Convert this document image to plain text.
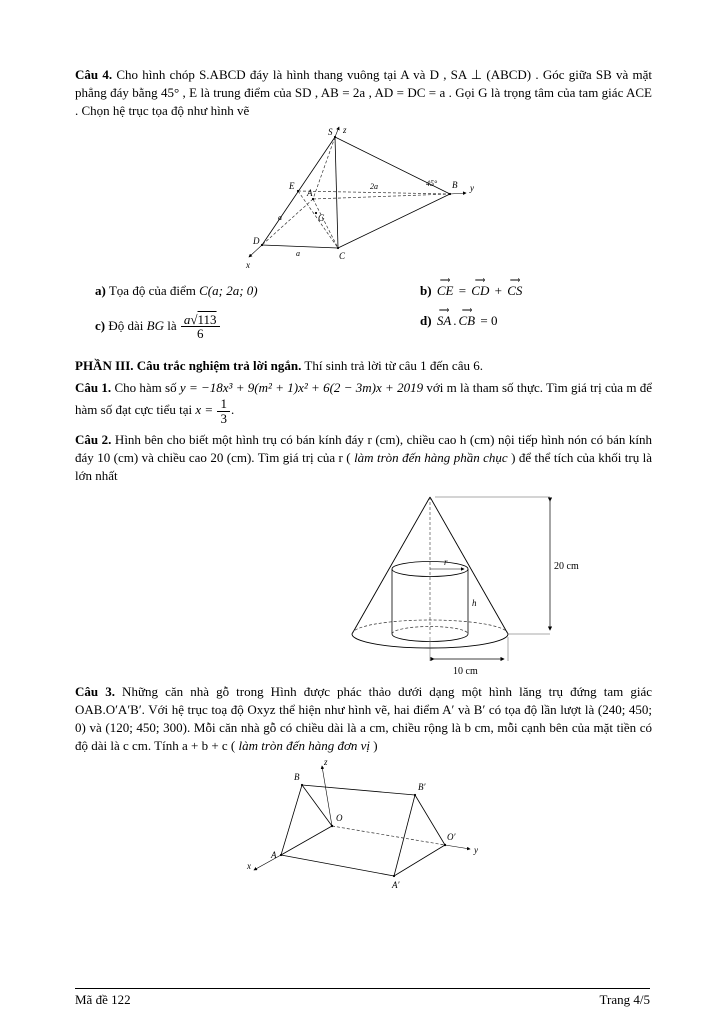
Câu 4. Cho hình chóp S.ABCD đáy là hình thang vuông tại A và D , SA ⊥ (ABCD) . Góc giữa SB và mặt phẳng đáy bằng 45° , E là trung điểm của SD , AB = 2a , AD = DC = a . Gọi G là trọng tâm của tam giác ACE . Chọn hệ trục tọa độ như hình vẽ

S
E
A
B
D
C
G
z
y
x
2a
a
a
45°
a) Tọa độ của điểm C(a; 2a; 0)	b) ⟶ CE = ⟶ CD + ⟶ CS
c) Độ dài BG là $\frac{a√113}{6}$	d) ⟶ SA . ⟶ CB = 0

PHẦN III. Câu trắc nghiệm trả lời ngắn. Thí sinh trả lời từ câu 1 đến câu 6.

Câu 1. Cho hàm số y = −18x³ + 9(m² + 1)x² + 6(2 − 3m)x + 2019 với m là tham số thực. Tìm giá trị của m để hàm số đạt cực tiểu tại $x = \frac{1}{3}$ .

Câu 2. Hình bên cho biết một hình trụ có bán kính đáy r (cm), chiều cao h (cm) nội tiếp hình nón có bán kính đáy 10 (cm) và chiều cao 20 (cm). Tìm giá trị của r ( làm tròn đến hàng phần chục ) để thể tích của khối trụ là lớn nhất

r
h
20 cm
10 cm

Câu 3. Những căn nhà gỗ trong Hình được phác thảo dưới dạng một hình lăng trụ đứng tam giác OAB.O′A′B′. Với hệ trục toạ độ Oxyz thể hiện như hình vẽ, hai điểm A′ và B′ có tọa độ lần lượt là (240; 450; 0) và (120; 450; 300). Mỗi căn nhà gỗ có chiều dài là a cm, chiều rộng là b cm, mỗi cạnh bên của mặt tiền có độ dài là c cm. Tính a + b + c ( làm tròn đến hàng đơn vị )

z
B
B′
O
O′
y
A
A′
x
Mã đề 122	Trang 4/5
